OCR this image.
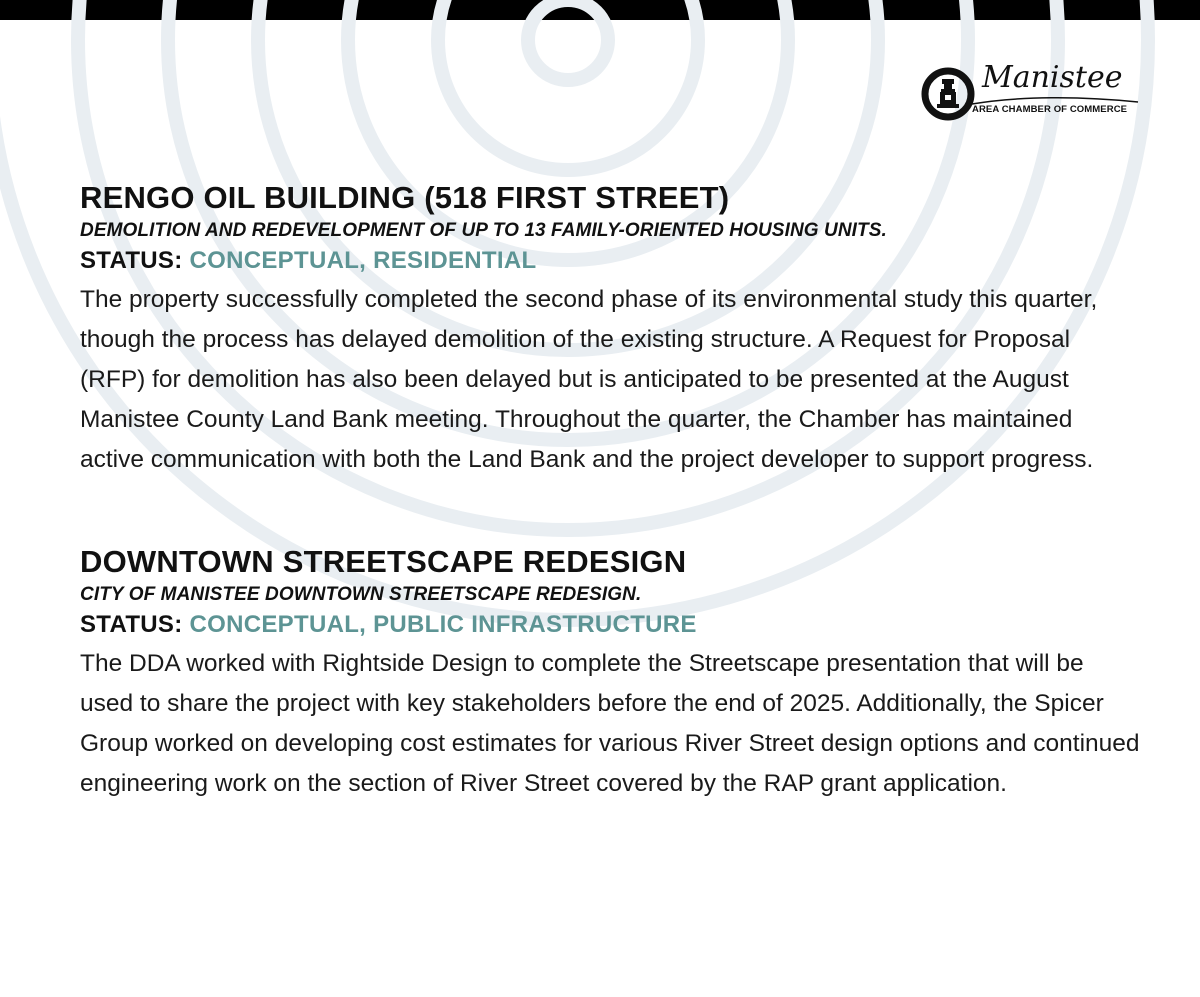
Manistee
AREA CHAMBER OF COMMERCE
RENGO OIL BUILDING (518 FIRST STREET)
DEMOLITION AND REDEVELOPMENT OF UP TO 13 FAMILY-ORIENTED HOUSING UNITS.
STATUS: CONCEPTUAL, RESIDENTIAL

The property successfully completed the second phase of its environmental study this quarter, though the process has delayed demolition of the existing structure. A Request for Proposal (RFP) for demolition has also been delayed but is anticipated to be presented at the August Manistee County Land Bank meeting. Throughout the quarter, the Chamber has maintained active communication with both the Land Bank and the project developer to support progress.

DOWNTOWN STREETSCAPE REDESIGN
CITY OF MANISTEE DOWNTOWN STREETSCAPE REDESIGN.
STATUS: CONCEPTUAL, PUBLIC INFRASTRUCTURE

The DDA worked with Rightside Design to complete the Streetscape presentation that will be used to share the project with key stakeholders before the end of 2025. Additionally, the Spicer Group worked on developing cost estimates for various River Street design options and continued engineering work on the section of River Street covered by the RAP grant application.
